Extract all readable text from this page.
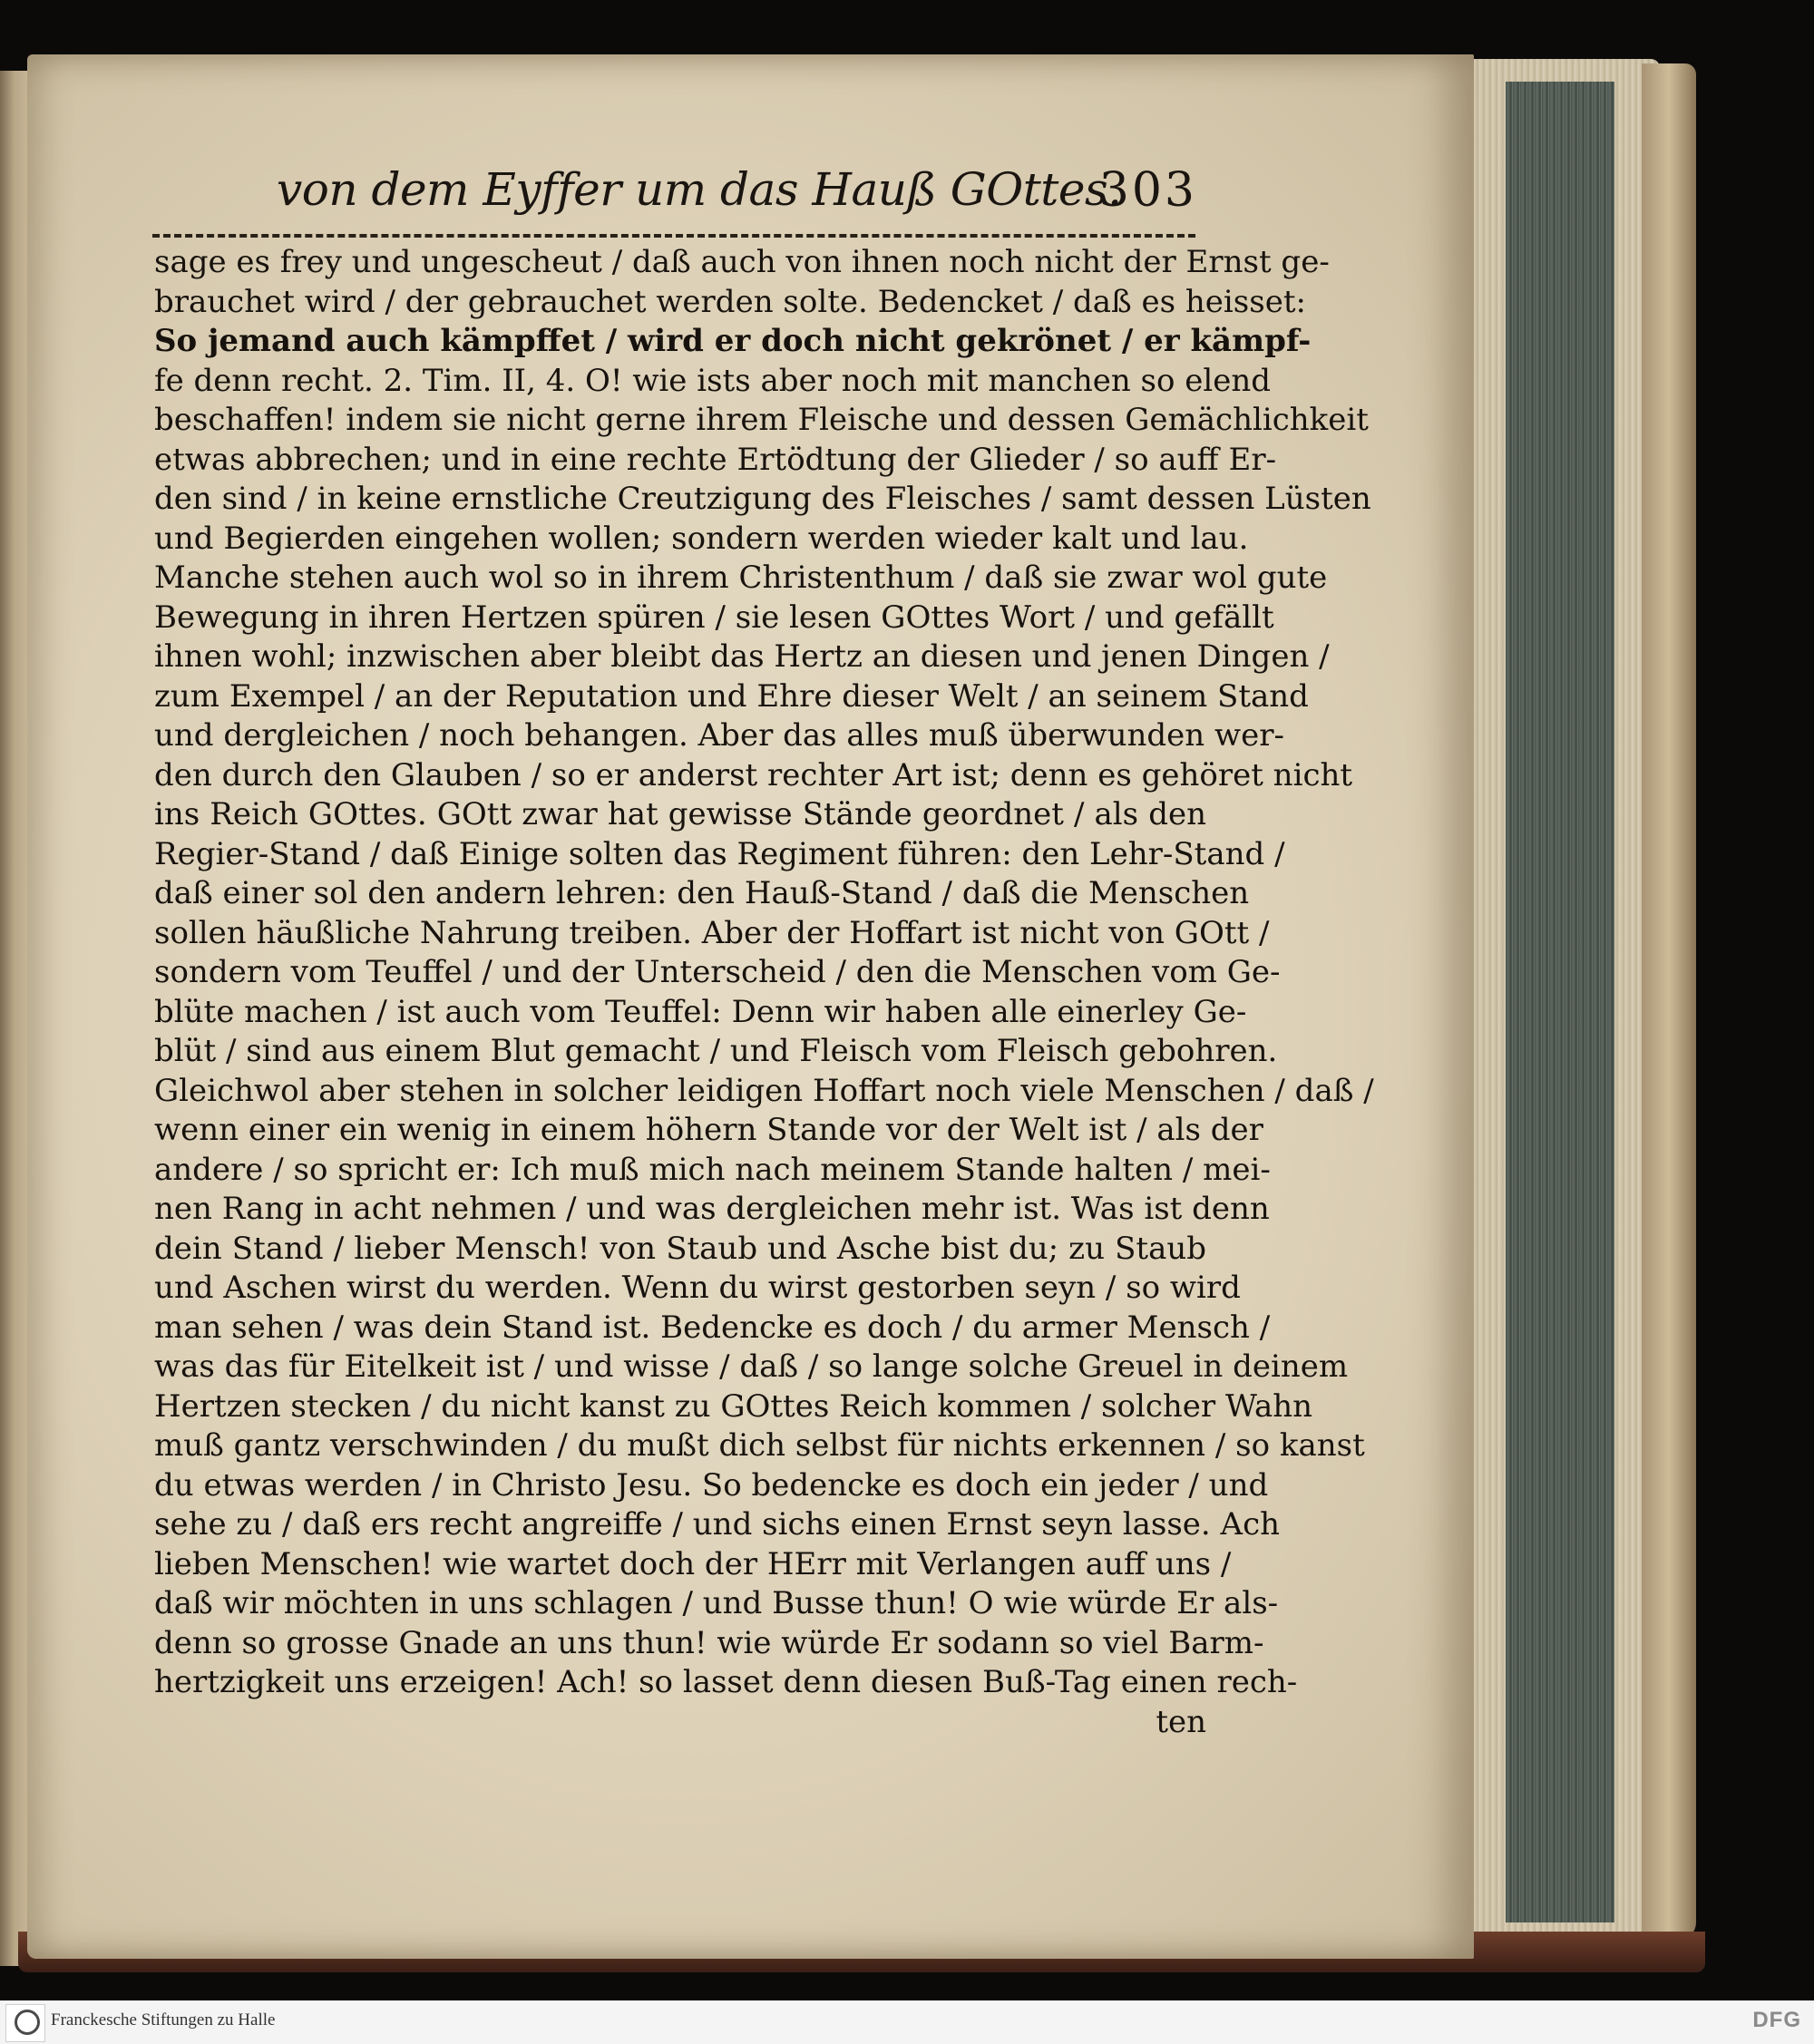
von dem Eyffer um das Hauß GOttes.
303
sage es frey und ungescheut / daß auch von ihnen noch nicht der Ernst ge-
brauchet wird / der gebrauchet werden solte. Bedencket / daß es heisset:
So jemand auch kämpffet / wird er doch nicht gekrönet / er kämpf-
fe denn recht. 2. Tim. II, 4. O! wie ists aber noch mit manchen so elend
beschaffen! indem sie nicht gerne ihrem Fleische und dessen Gemächlichkeit
etwas abbrechen; und in eine rechte Ertödtung der Glieder / so auff Er-
den sind / in keine ernstliche Creutzigung des Fleisches / samt dessen Lüsten
und Begierden eingehen wollen; sondern werden wieder kalt und lau.
Manche stehen auch wol so in ihrem Christenthum / daß sie zwar wol gute
Bewegung in ihren Hertzen spüren / sie lesen GOttes Wort / und gefällt
ihnen wohl; inzwischen aber bleibt das Hertz an diesen und jenen Dingen /
zum Exempel / an der Reputation und Ehre dieser Welt / an seinem Stand
und dergleichen / noch behangen. Aber das alles muß überwunden wer-
den durch den Glauben / so er anderst rechter Art ist; denn es gehöret nicht
ins Reich GOttes. GOtt zwar hat gewisse Stände geordnet / als den
Regier-Stand / daß Einige solten das Regiment führen: den Lehr-Stand /
daß einer sol den andern lehren: den Hauß-Stand / daß die Menschen
sollen häußliche Nahrung treiben. Aber der Hoffart ist nicht von GOtt /
sondern vom Teuffel / und der Unterscheid / den die Menschen vom Ge-
blüte machen / ist auch vom Teuffel: Denn wir haben alle einerley Ge-
blüt / sind aus einem Blut gemacht / und Fleisch vom Fleisch gebohren.
Gleichwol aber stehen in solcher leidigen Hoffart noch viele Menschen / daß /
wenn einer ein wenig in einem höhern Stande vor der Welt ist / als der
andere / so spricht er: Ich muß mich nach meinem Stande halten / mei-
nen Rang in acht nehmen / und was dergleichen mehr ist. Was ist denn
dein Stand / lieber Mensch! von Staub und Asche bist du; zu Staub
und Aschen wirst du werden. Wenn du wirst gestorben seyn / so wird
man sehen / was dein Stand ist. Bedencke es doch / du armer Mensch /
was das für Eitelkeit ist / und wisse / daß / so lange solche Greuel in deinem
Hertzen stecken / du nicht kanst zu GOttes Reich kommen / solcher Wahn
muß gantz verschwinden / du mußt dich selbst für nichts erkennen / so kanst
du etwas werden / in Christo Jesu. So bedencke es doch ein jeder / und
sehe zu / daß ers recht angreiffe / und sichs einen Ernst seyn lasse. Ach
lieben Menschen! wie wartet doch der HErr mit Verlangen auff uns /
daß wir möchten in uns schlagen / und Busse thun! O wie würde Er als-
denn so grosse Gnade an uns thun! wie würde Er sodann so viel Barm-
hertzigkeit uns erzeigen! Ach! so lasset denn diesen Buß-Tag einen rech-
ten
Franckesche Stiftungen zu Halle	DFG
